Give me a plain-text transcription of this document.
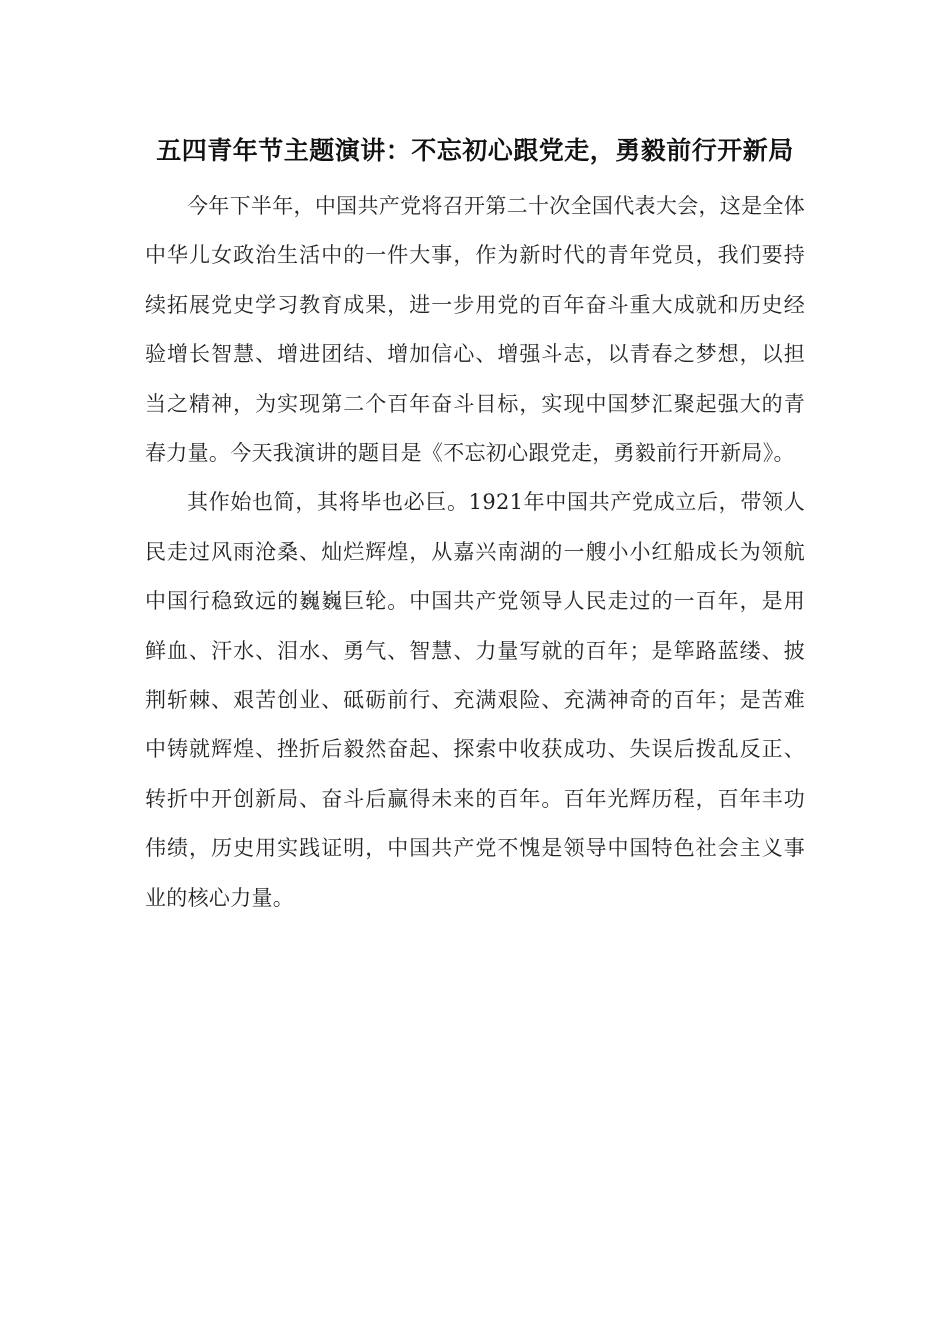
五四青年节主题演讲：不忘初心跟党走，勇毅前行开新局

今年下半年，中国共产党将召开第二十次全国代表大会，这是全体中华儿女政治生活中的一件大事，作为新时代的青年党员，我们要持续拓展党史学习教育成果，进一步用党的百年奋斗重大成就和历史经验增长智慧、增进团结、增加信心、增强斗志，以青春之梦想，以担当之精神，为实现第二个百年奋斗目标，实现中国梦汇聚起强大的青春力量。今天我演讲的题目是《不忘初心跟党走，勇毅前行开新局》。

其作始也简，其将毕也必巨。1921年中国共产党成立后，带领人民走过风雨沧桑、灿烂辉煌，从嘉兴南湖的一艘小小红船成长为领航中国行稳致远的巍巍巨轮。中国共产党领导人民走过的一百年，是用鲜血、汗水、泪水、勇气、智慧、力量写就的百年；是筚路蓝缕、披荆斩棘、艰苦创业、砥砺前行、充满艰险、充满神奇的百年；是苦难中铸就辉煌、挫折后毅然奋起、探索中收获成功、失误后拨乱反正、转折中开创新局、奋斗后赢得未来的百年。百年光辉历程，百年丰功伟绩，历史用实践证明，中国共产党不愧是领导中国特色社会主义事业的核心力量。
